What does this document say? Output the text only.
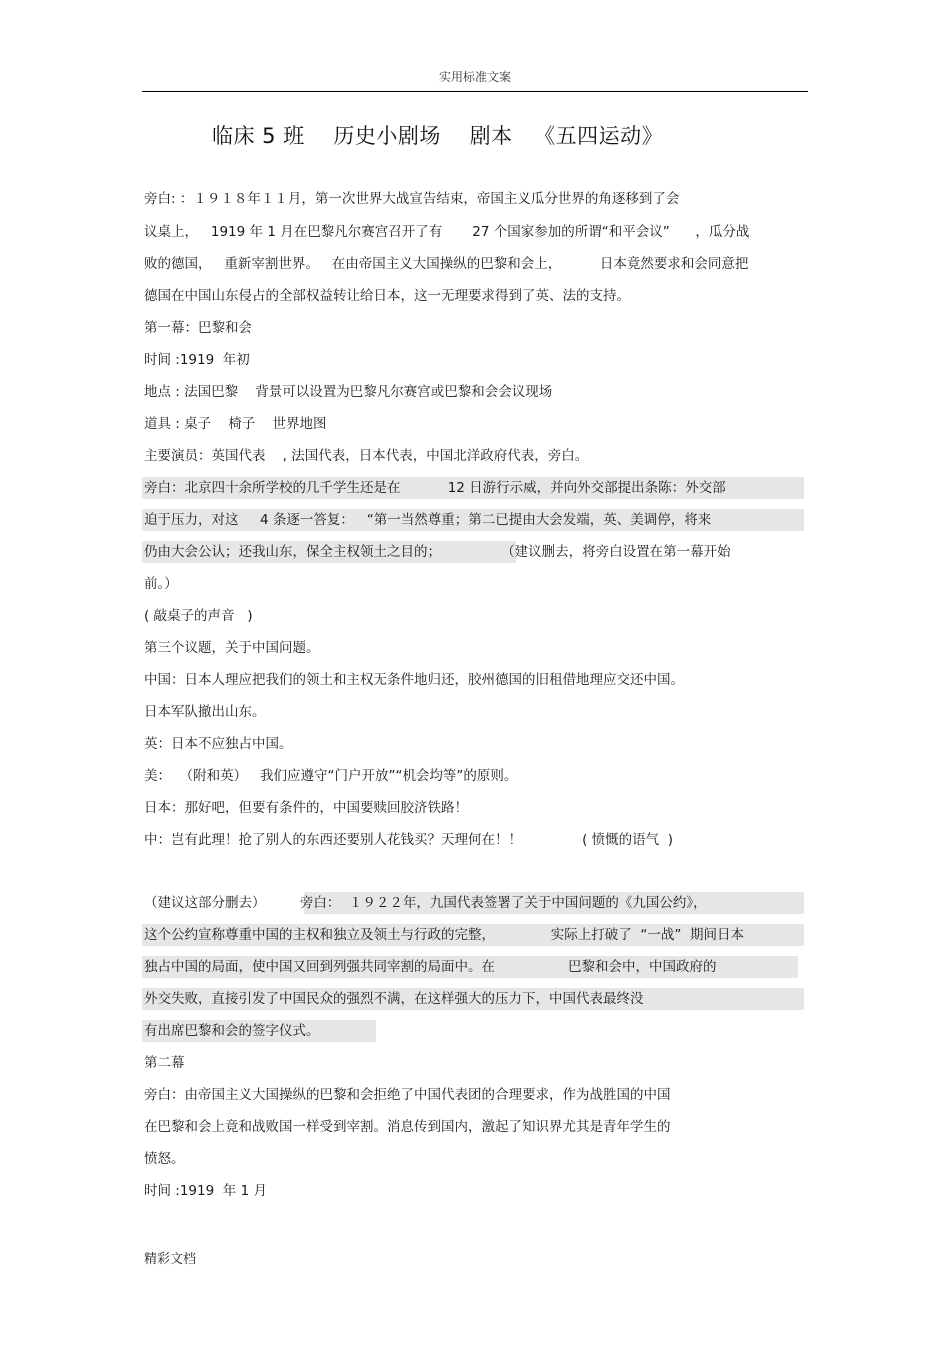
实用标准文案
临床 5 班    历史小剧场    剧本   《五四运动》
旁白: ：１９１８年１１月，第一次世界大战宣告结束，帝国主义瓜分世界的角逐移到了会
议桌上，   1919 年 1 月在巴黎凡尔赛宫召开了有       27 个国家参加的所谓“和平会议”      ，瓜分战
败的德国，   重新宰割世界。   在由帝国主义大国操纵的巴黎和会上，         日本竟然要求和会同意把
德国在中国山东侵占的全部权益转让给日本，这一无理要求得到了英、法的支持。
第一幕：巴黎和会
时间 :1919  年初
地点 : 法国巴黎    背景可以设置为巴黎凡尔赛宫或巴黎和会会议现场
道具 : 桌子    椅子    世界地图
主要演员：英国代表    , 法国代表，日本代表，中国北洋政府代表，旁白。
旁白：北京四十余所学校的几千学生还是在           12 日游行示威，并向外交部提出条陈：外交部
迫于压力，对这     4 条逐一答复：   “第一当然尊重；第二已提由大会发端，英、美调停，将来
仍由大会公认；还我山东，保全主权领土之目的；              （建议删去，将旁白设置在第一幕开始
前。）
( 敲桌子的声音   )
第三个议题，关于中国问题。
中国：日本人理应把我们的领土和主权无条件地归还，胶州德国的旧租借地理应交还中国。
日本军队撤出山东。
英：日本不应独占中国。
美：  （附和英）   我们应遵守“门户开放”“机会均等”的原则。
日本：那好吧，但要有条件的，中国要赎回胶济铁路！
中：岂有此理！抢了别人的东西还要别人花钱买？天理何在！！              ( 愤慨的语气  )
（建议这部分删去）        旁白：  １９２２年，九国代表签署了关于中国问题的《九国公约》，
这个公约宣称尊重中国的主权和独立及领土与行政的完整，             实际上打破了  “一战”  期间日本
独占中国的局面，使中国又回到列强共同宰割的局面中。在                 巴黎和会中，中国政府的
外交失败，直接引发了中国民众的强烈不满，在这样强大的压力下，中国代表最终没
有出席巴黎和会的签字仪式。
第二幕
旁白：由帝国主义大国操纵的巴黎和会拒绝了中国代表团的合理要求，作为战胜国的中国
在巴黎和会上竟和战败国一样受到宰割。消息传到国内，激起了知识界尤其是青年学生的
愤怒。
时间 :1919  年 1 月
精彩文档
